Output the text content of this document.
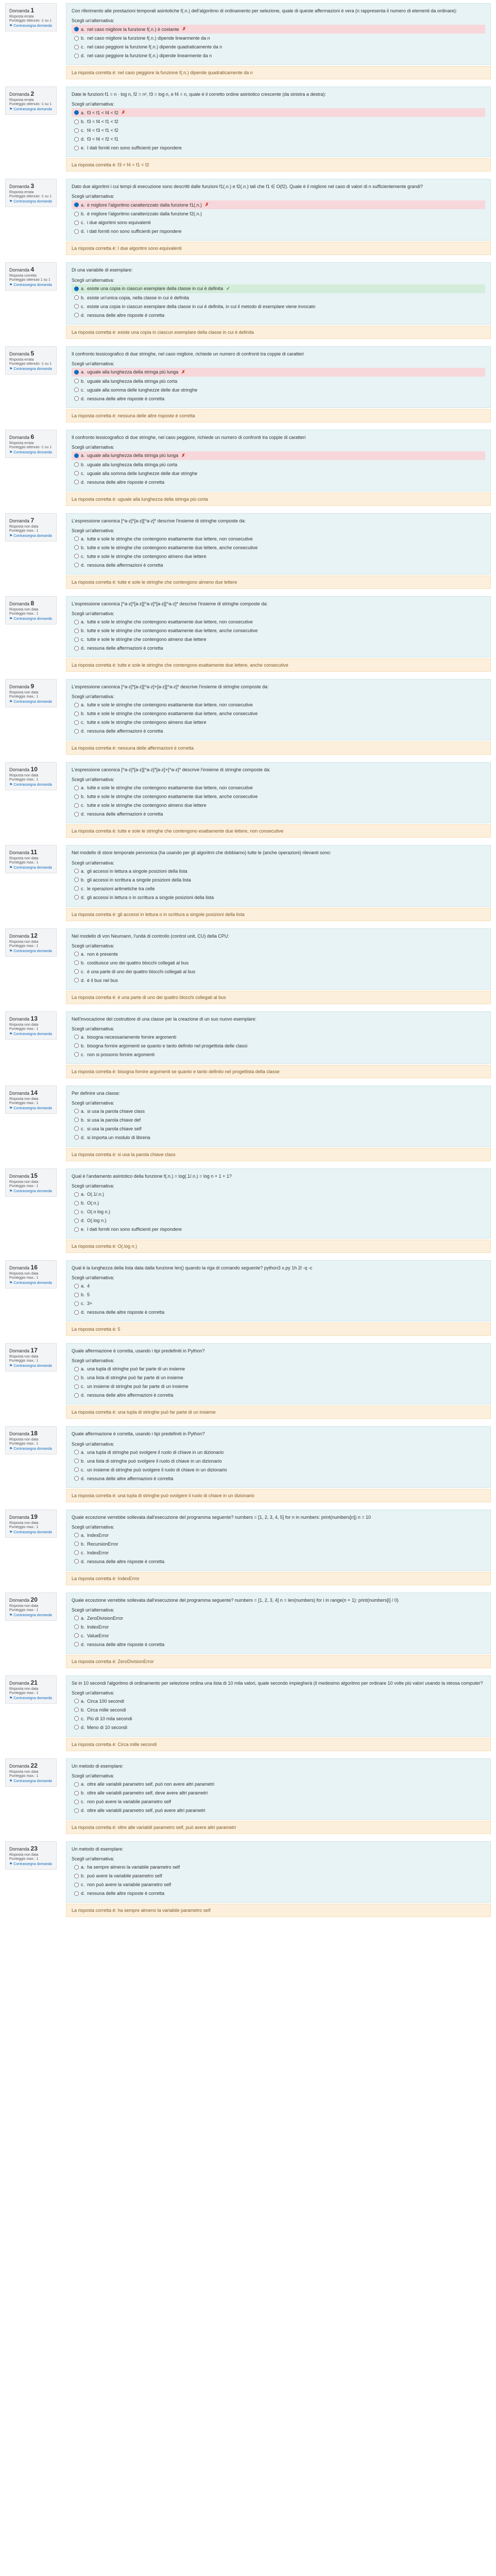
Domanda 1
Risposta errata
Punteggio ottenuto -1 su 1
⚑ Contrassegna domanda

Con riferimento alle prestazioni temporali asintotiche f(.n.) dell'algoritmo di ordinamento per selezione, quale di queste affermazioni è vera (n rappresenta il numero di elementi da ordinare):

Scegli un'alternativa:
a. nel caso migliore la funzione f(.n.) è costante ✗
b. nel caso migliore la funzione f(.n.) dipende linearmente da n
c. nel caso peggiore la funzione f(.n.) dipende quadraticamente da n
d. nel caso peggiore la funzione f(.n.) dipende linearmente da n
La risposta corretta è: nel caso peggiore la funzione f(.n.) dipende quadraticamente da n
Domanda 2
Risposta errata
Punteggio ottenuto -1 su 1
⚑ Contrassegna domanda

Date le funzioni f1 = n · log n, f2 = n², f3 = log n, e f4 = n, quale è il corretto ordine asintotico crescente (da sinistra a destra):

Scegli un'alternativa:
a. f3 < f1 < f4 < f2 ✗
b. f3 < f4 < f1 < f2
c. f4 < f3 < f1 < f2
d. f3 < f4 < f2 < f1
e. I dati forniti non sono sufficienti per rispondere
La risposta corretta è: f3 < f4 < f1 < f2
Domanda 3
Risposta errata
Punteggio ottenuto -1 su 1
⚑ Contrassegna domanda

Dato due algoritmi i cui tempi di esecuzione sono descritti dalle funzioni f1(.n.) e f2(.n.) tali che f1 ∈ O(f2). Quale è il migliore nel caso di valori di n sufficientemente grandi?

Scegli un'alternativa:
a. è migliore l'algoritmo caratterizzato dalla funzione f1(.n.) ✗
b. è migliore l'algoritmo caratterizzato dalla funzione f2(.n.)
c. i due algoritmi sono equivalenti
d. i dati forniti non sono sufficienti per rispondere
La risposta corretta è: I due algoritmi sono equivalenti
Domanda 4
Risposta corretta
Punteggio ottenuto 1 su 1
⚑ Contrassegna domanda

Di una variabile di esemplare:

Scegli un'alternativa:
a. esiste una copia in ciascun esemplare della classe in cui è definita ✓
b. esiste un'unica copia, nella classe in cui è definita
c. esiste una copia in ciascun esemplare della classe in cui è definita, in cui il metodo di esemplare viene invocato
d. nessuna delle altre risposte è corretta
La risposta corretta è: esiste una copia in ciascun esemplare della classe in cui è definita
Domanda 5
Risposta errata
Punteggio ottenuto -1 su 1
⚑ Contrassegna domanda

Il confronto lessicografico di due stringhe, nel caso migliore, richiede un numero di confronti tra coppie di caratteri

Scegli un'alternativa:
a. uguale alla lunghezza della stringa più lunga ✗
b. uguale alla lunghezza della stringa più corta
c. uguale alla somma delle lunghezze delle due stringhe
d. nessuna delle altre risposte è corretta
La risposta corretta è: nessuna delle altre risposte è corretta
Domanda 6
Risposta errata
Punteggio ottenuto -1 su 1
⚑ Contrassegna domanda

Il confronto lessicografico di due stringhe, nel caso peggiore, richiede un numero di confronti tra coppie di caratteri

Scegli un'alternativa:
a. uguale alla lunghezza della stringa più lunga ✗
b. uguale alla lunghezza della stringa più corta
c. uguale alla somma delle lunghezze delle due stringhe
d. nessuna delle altre risposte è corretta
La risposta corretta è: uguale alla lunghezza della stringa più corta
Domanda 7
Risposta non data
Punteggio max.: 1
⚑ Contrassegna domanda

L'espressione canonica [^a-z]*[a-z][^a-z]* descrive l'insieme di stringhe composte da:

Scegli un'alternativa:
a. tutte e sole le stringhe che contengono esattamente due lettere, non consecutive
b. tutte e sole le stringhe che contengono esattamente due lettere, anche consecutive
c. tutte e sole le stringhe che contengono almeno due lettere
d. nessuna delle affermazioni è corretta
La risposta corretta è: tutte e sole le stringhe che contengono almeno due lettere
Domanda 8
Risposta non data
Punteggio max.: 1
⚑ Contrassegna domanda

L'espressione canonica [^a-z]*[a-z][^a-z]*[a-z][^a-z]* descrive l'insieme di stringhe composte da:

Scegli un'alternativa:
a. tutte e sole le stringhe che contengono esattamente due lettere, non consecutive
b. tutte e sole le stringhe che contengono esattamente due lettere, anche consecutive
c. tutte e sole le stringhe che contengono almeno due lettere
d. nessuna delle affermazioni è corretta
La risposta corretta è: tutte e sole le stringhe che contengono esattamente due lettere, anche consecutive
Domanda 9
Risposta non data
Punteggio max.: 1
⚑ Contrassegna domanda

L'espressione canonica [^a-z]*[a-z][^a-z]+[a-z][^a-z]* descrive l'insieme di stringhe composte da:

Scegli un'alternativa:
a. tutte e sole le stringhe che contengono esattamente due lettere, non consecutive
b. tutte e sole le stringhe che contengono esattamente due lettere, anche consecutive
c. tutte e sole le stringhe che contengono almeno due lettere
d. nessuna delle affermazioni è corretta
La risposta corretta è: nessuna delle affermazioni è corretta
Domanda 10
Risposta non data
Punteggio max.: 1
⚑ Contrassegna domanda

L'espressione canonica [^a-z]*[a-z][^a-z]*[a-z]+[^a-z]* descrive l'insieme di stringhe composte da:

Scegli un'alternativa:
a. tutte e sole le stringhe che contengono esattamente due lettere, non consecutive
b. tutte e sole le stringhe che contengono esattamente due lettere, anche consecutive
c. tutte e sole le stringhe che contengono almeno due lettere
d. nessuna delle affermazioni è corretta
La risposta corretta è: tutte e sole le stringhe che contengono esattamente due lettere, non consecutive
Domanda 11
Risposta non data
Punteggio max.: 1
⚑ Contrassegna domanda

Nel modello di store temporale pennonica (ha usando per gli algoritmi che dobbiamo) tutte le (anche operazioni) rilevanti sono:

Scegli un'alternativa:
a. gli accessi in lettura a singole posizioni della lista
b. gli accessi in scrittura a singole posizioni della lista
c. le operazioni aritmetiche tra celle
d. gli accessi in lettura o in scrittura a singole posizioni della lista
La risposta corretta è: gli accessi in lettura o in scrittura a singole posizioni della lista
Domanda 12
Risposta non data
Punteggio max.: 1
⚑ Contrassegna domanda

Nel modello di von Neumann, l'unità di controllo (control unit, CU) della CPU:

Scegli un'alternativa:
a. non è presente
b. costituisce uno dei quattro blocchi collegati al bus
c. è una parte di uno dei quattro blocchi collegati al bus
d. è il bus nel bus
La risposta corretta è: è una parte di uno dei quattro blocchi collegati al bus
Domanda 13
Risposta non data
Punteggio max.: 1
⚑ Contrassegna domanda

Nell'invocazione del costruttore di una classe per la creazione di un suo nuovo esemplare:

Scegli un'alternativa:
a. bisogna necessariamente fornire argomenti
b. bisogna fornire argomenti se quanto e tanto definito nel progettista delle classi
c. non si possono fornire argomenti
La risposta corretta è: bisogna fornire argomenti se quanto e tanto definito nel progettista della classe
Domanda 14
Risposta non data
Punteggio max.: 1
⚑ Contrassegna domanda

Per definire una classe:

Scegli un'alternativa:
a. si usa la parola chiave class
b. si usa la parola chiave def
c. si usa la parola chiave self
d. si importa un modulo di libreria
La risposta corretta è: si usa la parola chiave class
Domanda 15
Risposta non data
Punteggio max.: 1
⚑ Contrassegna domanda

Qual è l'andamento asintotico della funzione f(.n.) = log(.1/.n.) = log n + 1 + 1?

Scegli un'alternativa:
a. O(.1/.n.)
b. O(.n.)
c. O(.n log n.)
d. O(.log n.)
e. I dati forniti non sono sufficienti per rispondere
La risposta corretta è: O(.log n.)
Domanda 16
Risposta non data
Punteggio max.: 1
⚑ Contrassegna domanda

Qual è la lunghezza della lista data dalla funzione len() quando la riga di comando seguente? python3 x.py 1h 2l -q -c

Scegli un'alternativa:
a. 4
b. 5
c. 3+
d. nessuna delle altre risposte è corretta
La risposta corretta è: 5
Domanda 17
Risposta non data
Punteggio max.: 1
⚑ Contrassegna domanda

Quale affermazione è corretta, usando i tipi predefiniti in Python?

Scegli un'alternativa:
a. una tupla di stringhe può far parte di un insieme
b. una lista di stringhe può far parte di un insieme
c. un insieme di stringhe può far parte di un insieme
d. nessuna delle altre affermazioni è corretta
La risposta corretta è: una tupla di stringhe può far parte di un insieme
Domanda 18
Risposta non data
Punteggio max.: 1
⚑ Contrassegna domanda

Quale affermazione è corretta, usando i tipi predefiniti in Python?

Scegli un'alternativa:
a. una tupla di stringhe può svolgere il ruolo di chiave in un dizionario
b. una lista di stringhe può svolgere il ruolo di chiave in un dizionario
c. un insieme di stringhe può svolgere il ruolo di chiave in un dizionario
d. nessuna delle altre affermazioni è corretta
La risposta corretta è: una tupla di stringhe può svolgere il ruolo di chiave in un dizionario
Domanda 19
Risposta non data
Punteggio max.: 1
⚑ Contrassegna domanda

Quale eccezione verrebbe sollevata dall'esecuzione del programma seguente? numbers = [1, 2, 3, 4, 5] for n in numbers: print(numbers[n]) n = 10

Scegli un'alternativa:
a. IndexError
b. RecursionError
c. IndexError
d. nessuna delle altre risposte è corretta
La risposta corretta è: IndexError
Domanda 20
Risposta non data
Punteggio max.: 1
⚑ Contrassegna domanda

Quale eccezione verrebbe sollevata dall'esecuzione del programma seguente? numbers = [1, 2, 3, 4] n = len(numbers) for i in range(n + 1): print(numbers[i] / 0)

Scegli un'alternativa:
a. ZeroDivisionError
b. IndexError
c. ValueError
d. nessuna delle altre risposte è corretta
La risposta corretta è: ZeroDivisionError
Domanda 21
Risposta non data
Punteggio max.: 1
⚑ Contrassegna domanda

Se in 10 secondi l'algoritmo di ordinamento per selezione ordina una lista di 10 mila valori, quale secondo impiegherà (il medesimo algoritmo per ordinare 10 volte più valori usando la stessa computer?

Scegli un'alternativa:
a. Circa 100 secondi
b. Circa mille secondi
c. Più di 10 mila secondi
d. Meno di 10 secondi
La risposta corretta è: Circa mille secondi
Domanda 22
Risposta non data
Punteggio max.: 1
⚑ Contrassegna domanda

Un metodo di esemplare:

Scegli un'alternativa:
a. oltre alle variabili parametro self, può non avere altri parametri
b. oltre alle variabili parametro self, deve avere altri parametri
c. non può avere la variabile parametro self
d. oltre alle variabili parametro self, può avere altri parametri
La risposta corretta è: oltre alle variabili parametro self, può avere altri parametri
Domanda 23
Risposta non data
Punteggio max.: 1
⚑ Contrassegna domanda

Un metodo di esemplare:

Scegli un'alternativa:
a. ha sempre almeno la variabile parametro self
b. può avere la variabile parametro self
c. non può avere la variabile parametro self
d. nessuna delle altre risposte è corretta
La risposta corretta è: ha sempre almeno la variabile parametro self
